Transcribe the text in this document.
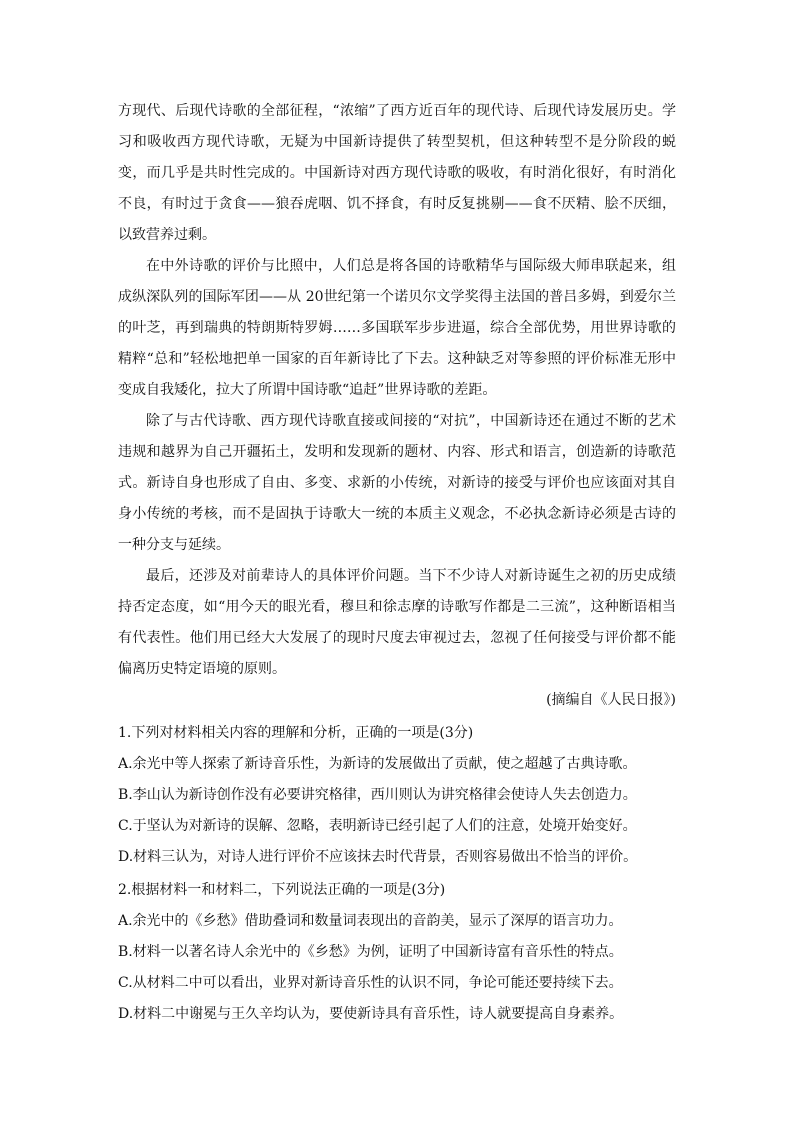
方现代、后现代诗歌的全部征程，“浓缩”了西方近百年的现代诗、后现代诗发展历史。学习和吸收西方现代诗歌，无疑为中国新诗提供了转型契机，但这种转型不是分阶段的蜕变，而几乎是共时性完成的。中国新诗对西方现代诗歌的吸收，有时消化很好，有时消化不良，有时过于贪食——狼吞虎咽、饥不择食，有时反复挑剔——食不厌精、脍不厌细，以致营养过剩。

在中外诗歌的评价与比照中，人们总是将各国的诗歌精华与国际级大师串联起来，组成纵深队列的国际军团——从 20世纪第一个诺贝尔文学奖得主法国的普吕多姆，到爱尔兰的叶芝，再到瑞典的特朗斯特罗姆……多国联军步步进逼，综合全部优势，用世界诗歌的精粹“总和”轻松地把单一国家的百年新诗比了下去。这种缺乏对等参照的评价标准无形中变成自我矮化，拉大了所谓中国诗歌“追赶”世界诗歌的差距。

除了与古代诗歌、西方现代诗歌直接或间接的“对抗”，中国新诗还在通过不断的艺术违规和越界为自己开疆拓土，发明和发现新的题材、内容、形式和语言，创造新的诗歌范式。新诗自身也形成了自由、多变、求新的小传统，对新诗的接受与评价也应该面对其自身小传统的考核，而不是固执于诗歌大一统的本质主义观念，不必执念新诗必须是古诗的一种分支与延续。

最后，还涉及对前辈诗人的具体评价问题。当下不少诗人对新诗诞生之初的历史成绩持否定态度，如“用今天的眼光看，穆旦和徐志摩的诗歌写作都是二三流”，这种断语相当有代表性。他们用已经大大发展了的现时尺度去审视过去，忽视了任何接受与评价都不能偏离历史特定语境的原则。

(摘编自《人民日报》)

1.下列对材料相关内容的理解和分析，正确的一项是(3分)

A.余光中等人探索了新诗音乐性，为新诗的发展做出了贡献，使之超越了古典诗歌。

B.李山认为新诗创作没有必要讲究格律，西川则认为讲究格律会使诗人失去创造力。

C.于坚认为对新诗的误解、忽略，表明新诗已经引起了人们的注意，处境开始变好。

D.材料三认为，对诗人进行评价不应该抹去时代背景，否则容易做出不恰当的评价。

2.根据材料一和材料二，下列说法正确的一项是(3分)

A.余光中的《乡愁》借助叠词和数量词表现出的音韵美，显示了深厚的语言功力。

B.材料一以著名诗人余光中的《乡愁》为例，证明了中国新诗富有音乐性的特点。

C.从材料二中可以看出，业界对新诗音乐性的认识不同，争论可能还要持续下去。

D.材料二中谢冕与王久辛均认为，要使新诗具有音乐性，诗人就要提高自身素养。
